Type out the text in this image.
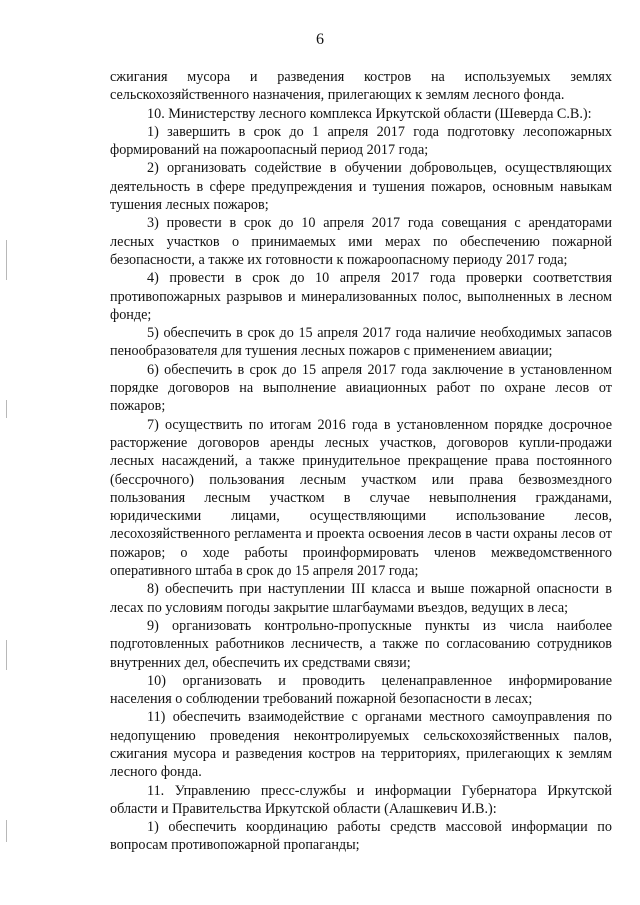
6

сжигания мусора и разведения костров на используемых землях сельскохозяйственного назначения, прилегающих к землям лесного фонда.

10. Министерству лесного комплекса Иркутской области (Шеверда С.В.):

1) завершить в срок до 1 апреля 2017 года подготовку лесопожарных формирований на пожароопасный период 2017 года;

2) организовать содействие в обучении добровольцев, осуществляющих деятельность в сфере предупреждения и тушения пожаров, основным навыкам тушения лесных пожаров;

3) провести в срок до 10 апреля 2017 года совещания с арендаторами лесных участков о принимаемых ими мерах по обеспечению пожарной безопасности, а также их готовности к пожароопасному периоду 2017 года;

4) провести в срок до 10 апреля 2017 года проверки соответствия противопожарных разрывов и минерализованных полос, выполненных в лесном фонде;

5) обеспечить в срок до 15 апреля 2017 года наличие необходимых запасов пенообразователя для тушения лесных пожаров с применением авиации;

6) обеспечить в срок до 15 апреля 2017 года заключение в установленном порядке договоров на выполнение авиационных работ по охране лесов от пожаров;

7) осуществить по итогам 2016 года в установленном порядке досрочное расторжение договоров аренды лесных участков, договоров купли-продажи лесных насаждений, а также принудительное прекращение права постоянного (бессрочного) пользования лесным участком или права безвозмездного пользования лесным участком в случае невыполнения гражданами, юридическими лицами, осуществляющими использование лесов, лесохозяйственного регламента и проекта освоения лесов в части охраны лесов от пожаров; о ходе работы проинформировать членов межведомственного оперативного штаба в срок до 15 апреля 2017 года;

8) обеспечить при наступлении III класса и выше пожарной опасности в лесах по условиям погоды закрытие шлагбаумами въездов, ведущих в леса;

9) организовать контрольно-пропускные пункты из числа наиболее подготовленных работников лесничеств, а также по согласованию сотрудников внутренних дел, обеспечить их средствами связи;

10) организовать и проводить целенаправленное информирование населения о соблюдении требований пожарной безопасности в лесах;

11) обеспечить взаимодействие с органами местного самоуправления по недопущению проведения неконтролируемых сельскохозяйственных палов, сжигания мусора и разведения костров на территориях, прилегающих к землям лесного фонда.

11. Управлению пресс-службы и информации Губернатора Иркутской области и Правительства Иркутской области (Алашкевич И.В.):

1) обеспечить координацию работы средств массовой информации по вопросам противопожарной пропаганды;
